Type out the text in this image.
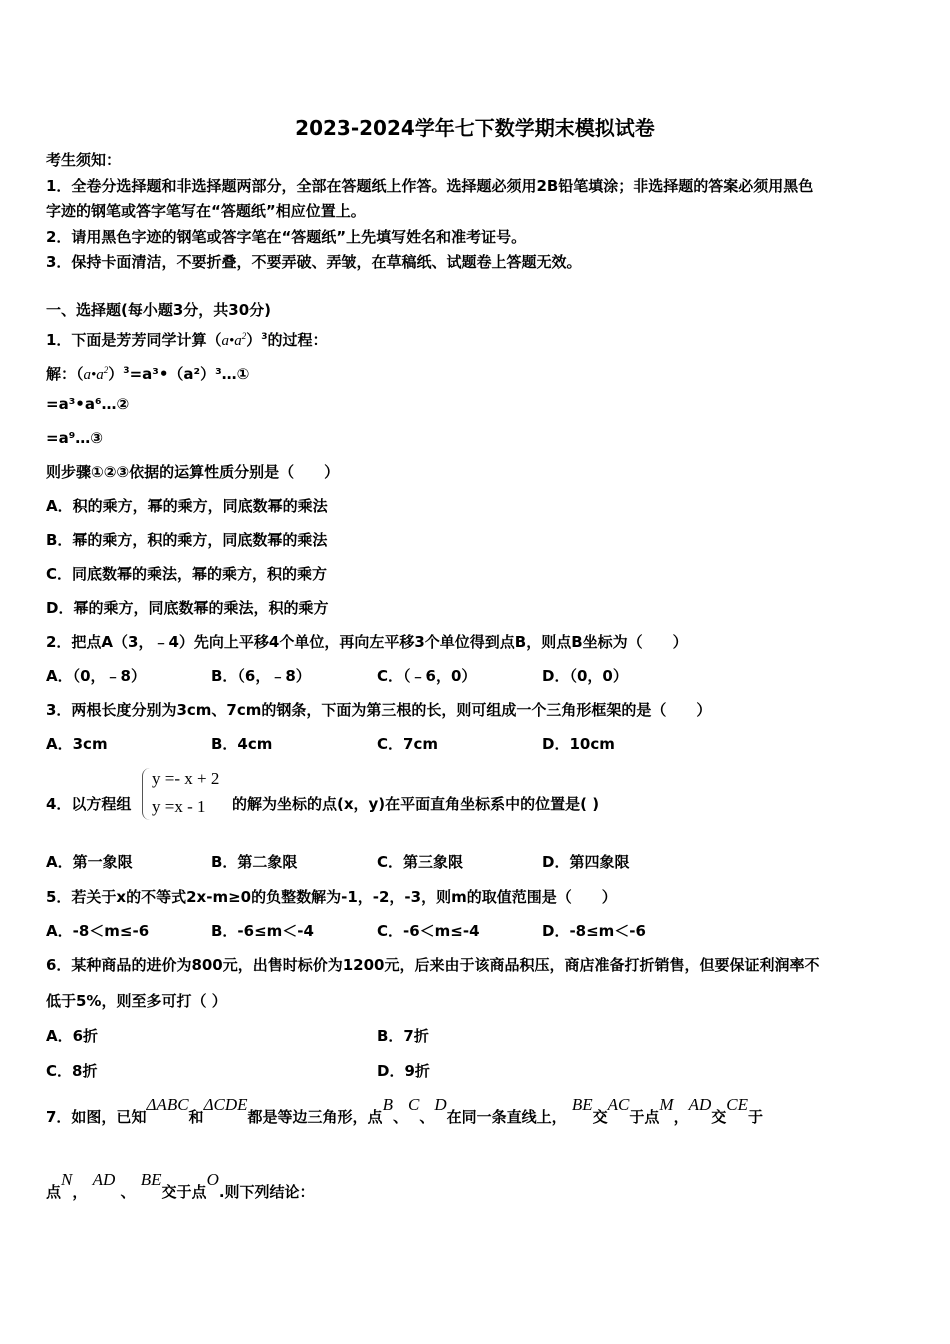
2023-2024学年七下数学期末模拟试卷
考生须知：
1．全卷分选择题和非选择题两部分，全部在答题纸上作答。选择题必须用2B铅笔填涂；非选择题的答案必须用黑色
字迹的钢笔或答字笔写在“答题纸”相应位置上。
2．请用黑色字迹的钢笔或答字笔在“答题纸”上先填写姓名和准考证号。
3．保持卡面清洁，不要折叠，不要弄破、弄皱，在草稿纸、试题卷上答题无效。
一、选择题(每小题3分，共30分)
1．下面是芳芳同学计算$(a•a^2)^3$的过程：
解：$(a•a^2)^3=a^3•(a^2)^3\dots ①$
=a³•a⁶…②
=a⁹…③
则步骤①②③依据的运算性质分别是（　　）
A．积的乘方，幂的乘方，同底数幂的乘法
B．幂的乘方，积的乘方，同底数幂的乘法
C．同底数幂的乘法，幂的乘方，积的乘方
D．幂的乘方，同底数幂的乘法，积的乘方
2．把点A（3，﹣4）先向上平移4个单位，再向左平移3个单位得到点B，则点B坐标为（　　）
A．（0，﹣8）	B．（6，﹣8）	C．（﹣6，0）	D．（0，0）
3．两根长度分别为3cm、7cm的钢条，下面为第三根的长，则可组成一个三角形框架的是（　　）
A．3cm	B．4cm	C．7cm	D．10cm
4．以方程组
y =- x + 2
y =x - 1 的解为坐标的点(x，y)在平面直角坐标系中的位置是( )
A．第一象限	B．第二象限	C．第三象限	D．第四象限
5．若关于x的不等式2x-m≥0的负整数解为-1，-2，-3，则m的取值范围是（　　）
A．-8＜m≤-6	B．-6≤m＜-4	C．-6＜m≤-4	D．-8≤m＜-6
6．某种商品的进价为800元，出售时标价为1200元，后来由于该商品积压，商店准备打折销售，但要保证利润率不
低于5%，则至多可打（ ）
A．6折	B．7折
C．8折	D．9折
7．如图，已知ΔABC和ΔCDE都是等边三角形，点B、C、D在同一条直线上， BE交AC于点M，AD交CE于
点N， AD 、 BE交于点O.则下列结论：
